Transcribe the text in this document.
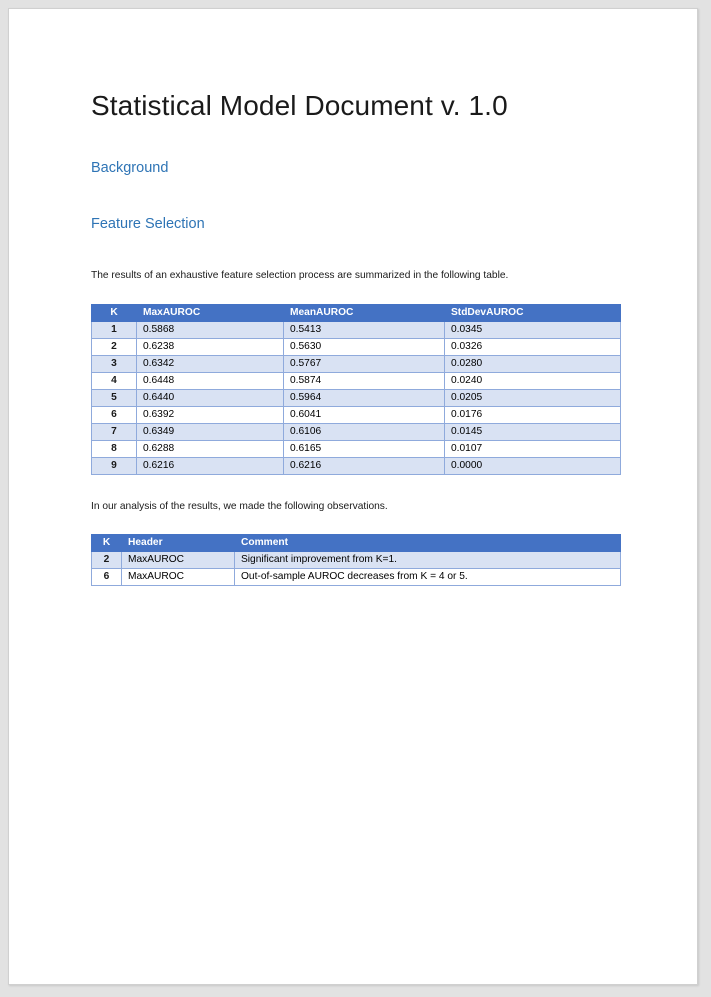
Statistical Model Document v. 1.0
Background
Feature Selection

The results of an exhaustive feature selection process are summarized in the following table.

K	MaxAUROC	MeanAUROC	StdDevAUROC
1	0.5868	0.5413	0.0345
2	0.6238	0.5630	0.0326
3	0.6342	0.5767	0.0280
4	0.6448	0.5874	0.0240
5	0.6440	0.5964	0.0205
6	0.6392	0.6041	0.0176
7	0.6349	0.6106	0.0145
8	0.6288	0.6165	0.0107
9	0.6216	0.6216	0.0000

In our analysis of the results, we made the following observations.

K	Header	Comment
2	MaxAUROC	Significant improvement from K=1.
6	MaxAUROC	Out-of-sample AUROC decreases from K = 4 or 5.
